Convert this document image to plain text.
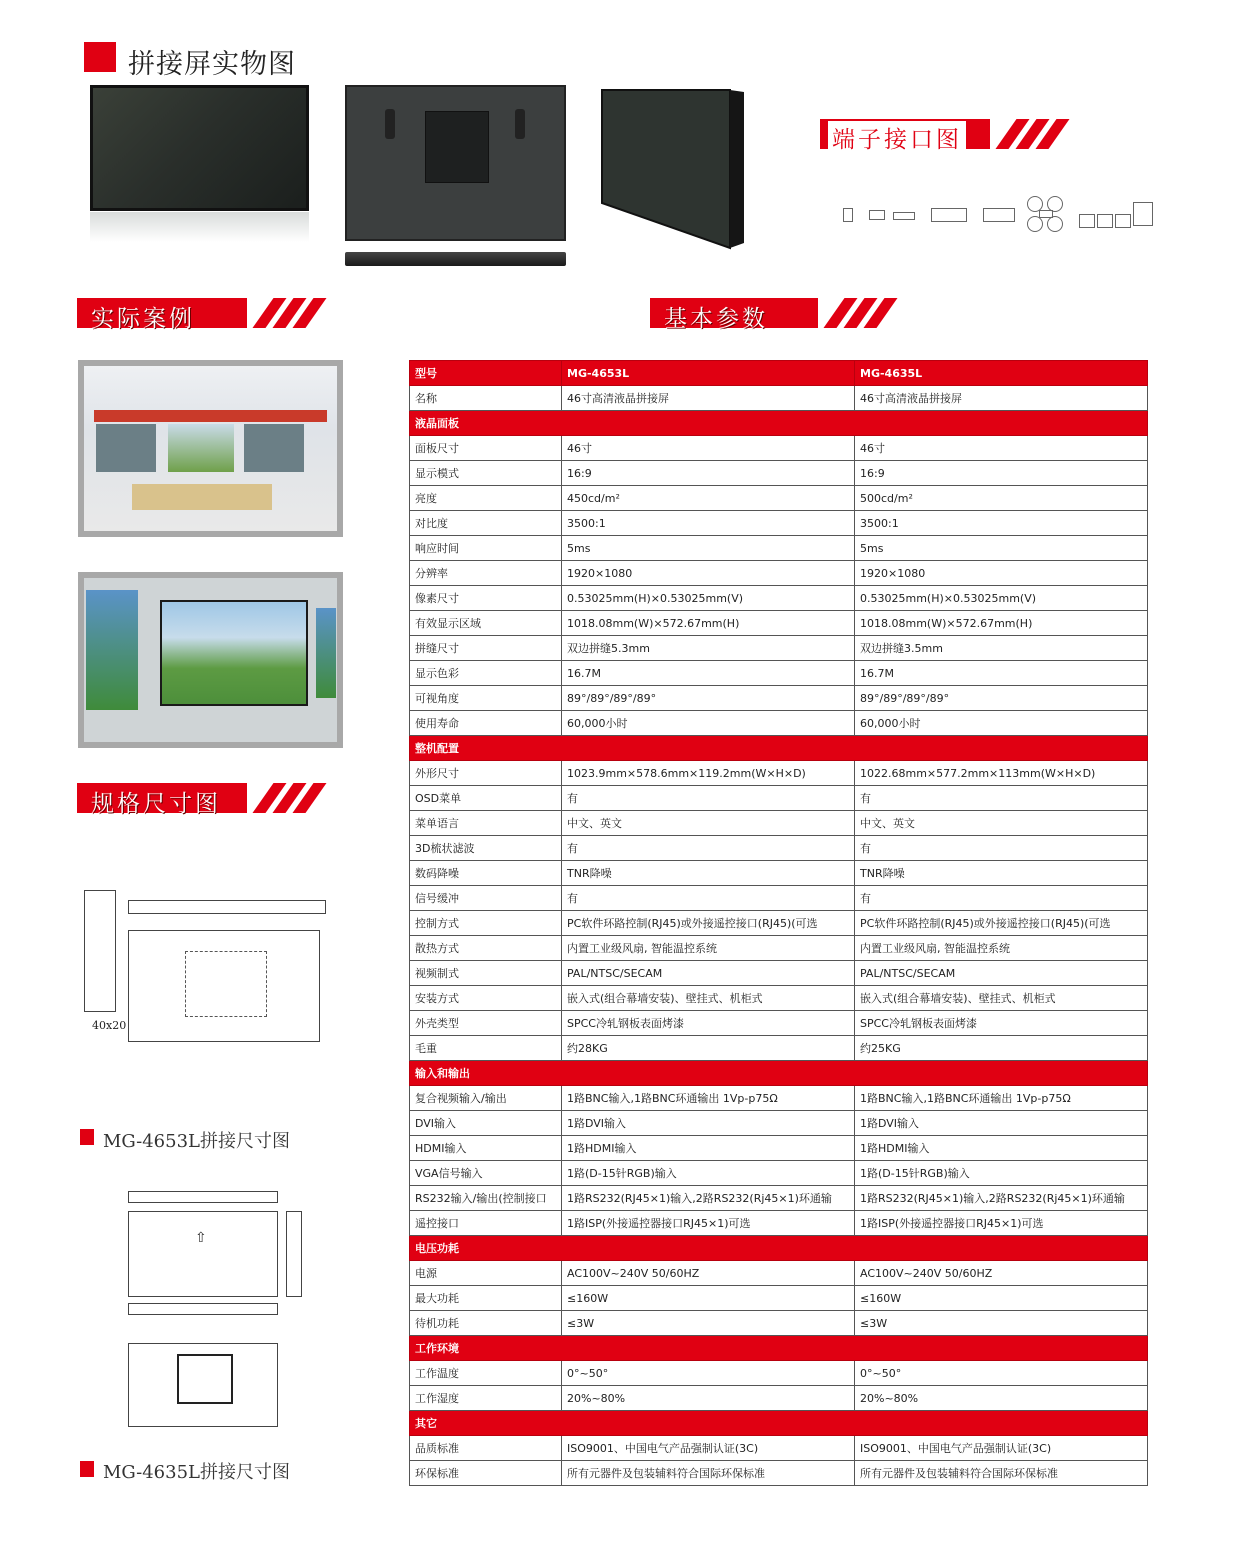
拼接屏实物图
端子接口图
实际案例	基本参数
规格尺寸图
40x20
MG-4653L拼接尺寸图
⇧
MG-4635L拼接尺寸图
型号	MG-4653L	MG-4635L
名称	46寸高清液晶拼接屏	46寸高清液晶拼接屏
液晶面板		
面板尺寸	46寸	46寸
显示模式	16:9	16:9
亮度	450cd/m²	500cd/m²
对比度	3500:1	3500:1
响应时间	5ms	5ms
分辨率	1920×1080	1920×1080
像素尺寸	0.53025mm(H)×0.53025mm(V)	0.53025mm(H)×0.53025mm(V)
有效显示区域	1018.08mm(W)×572.67mm(H)	1018.08mm(W)×572.67mm(H)
拼缝尺寸	双边拼缝5.3mm	双边拼缝3.5mm
显示色彩	16.7M	16.7M
可视角度	89°/89°/89°/89°	89°/89°/89°/89°
使用寿命	60,000小时	60,000小时
整机配置		
外形尺寸	1023.9mm×578.6mm×119.2mm(W×H×D)	1022.68mm×577.2mm×113mm(W×H×D)
OSD菜单	有	有
菜单语言	中文、英文	中文、英文
3D梳状滤波	有	有
数码降噪	TNR降噪	TNR降噪
信号缓冲	有	有
控制方式	PC软件环路控制(RJ45)或外接遥控接口(RJ45)(可选	PC软件环路控制(RJ45)或外接遥控接口(RJ45)(可选
散热方式	内置工业级风扇, 智能温控系统	内置工业级风扇, 智能温控系统
视频制式	PAL/NTSC/SECAM	PAL/NTSC/SECAM
安装方式	嵌入式(组合幕墙安装)、壁挂式、机柜式	嵌入式(组合幕墙安装)、壁挂式、机柜式
外壳类型	SPCC冷轧钢板表面烤漆	SPCC冷轧钢板表面烤漆
毛重	约28KG	约25KG
输入和输出		
复合视频输入/输出	1路BNC输入,1路BNC环通输出 1Vp-p75Ω	1路BNC输入,1路BNC环通输出 1Vp-p75Ω
DVI输入	1路DVI输入	1路DVI输入
HDMI输入	1路HDMI输入	1路HDMI输入
VGA信号输入	1路(D-15针RGB)输入	1路(D-15针RGB)输入
RS232输入/输出(控制接口	1路RS232(RJ45×1)输入,2路RS232(Rj45×1)环通输	1路RS232(RJ45×1)输入,2路RS232(Rj45×1)环通输
遥控接口	1路ISP(外接遥控器接口RJ45×1)可选	1路ISP(外接遥控器接口RJ45×1)可选
电压功耗		
电源	AC100V~240V 50/60HZ	AC100V~240V 50/60HZ
最大功耗	≤160W	≤160W
待机功耗	≤3W	≤3W
工作环境		
工作温度	0°~50°	0°~50°
工作湿度	20%~80%	20%~80%
其它		
品质标准	ISO9001、中国电气产品强制认证(3C)	ISO9001、中国电气产品强制认证(3C)
环保标准	所有元器件及包装辅料符合国际环保标准	所有元器件及包装辅料符合国际环保标准
